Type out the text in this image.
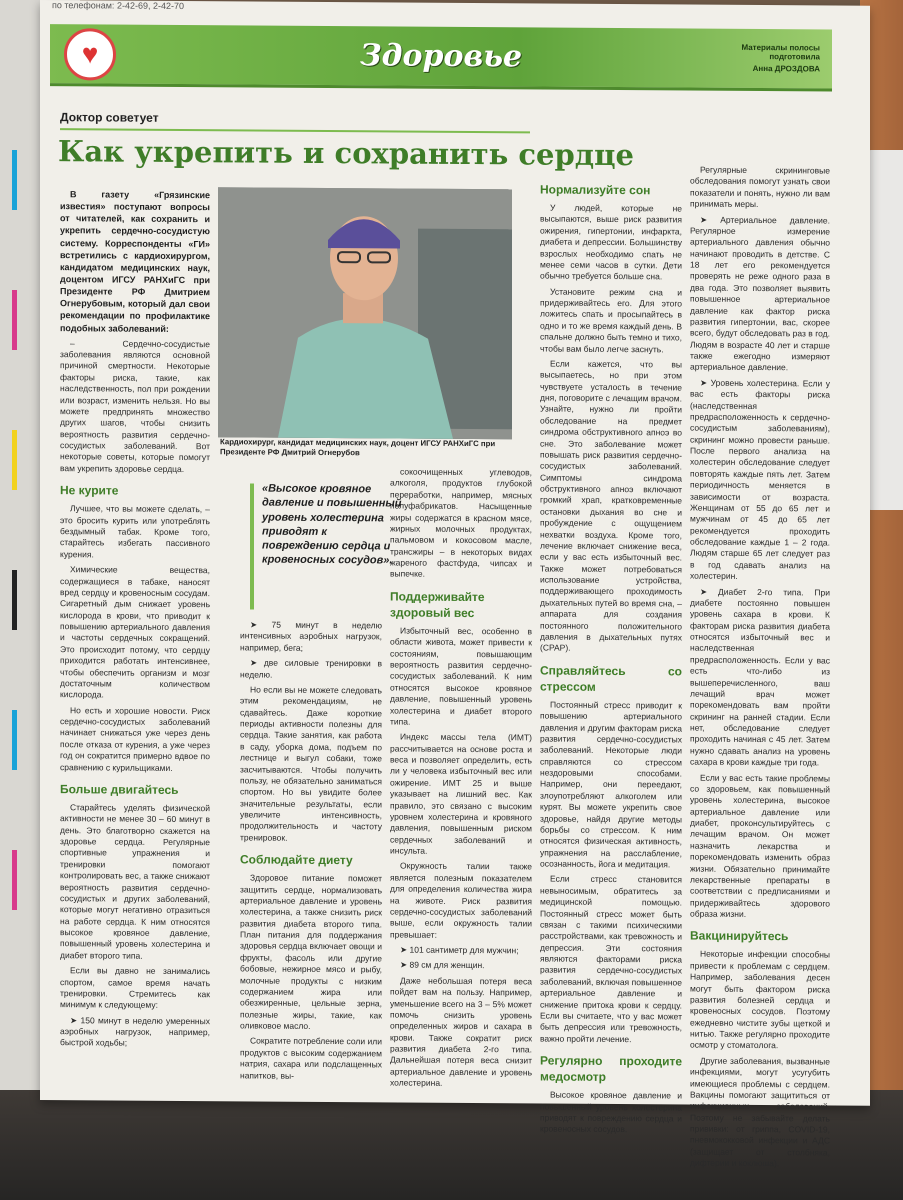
по телефонам: 2-42-69, 2-42-70
♥	Здоровье	Материалы полосы подготовила
Анна ДРОЗДОВА
Доктор советует
Как укрепить и сохранить сердце

В газету «Грязинские известия» поступают вопросы от читателей, как сохранить и укрепить сердечно-сосудистую систему. Корреспонденты «ГИ» встретились с кардиохирургом, кандидатом медицинских наук, доцентом ИГСУ РАНХиГС при Президенте РФ Дмитрием Огнерубовым, который дал свои рекомендации по профилактике подобных заболеваний:

– Сердечно-сосудистые заболевания являются основной причиной смертности. Некоторые факторы риска, такие, как наследственность, пол при рождении или возраст, изменить нельзя. Но вы можете предпринять множество других шагов, чтобы снизить вероятность развития сердечно-сосудистых заболеваний. Вот некоторые советы, которые помогут вам укрепить здоровье сердца.

Не курите

Лучшее, что вы можете сделать, – это бросить курить или употреблять бездымный табак. Кроме того, старайтесь избегать пассивного курения.

Химические вещества, содержащиеся в табаке, наносят вред сердцу и кровеносным сосудам. Сигаретный дым снижает уровень кислорода в крови, что приводит к повышению артериального давления и частоты сердечных сокращений. Это происходит потому, что сердцу приходится работать интенсивнее, чтобы обеспечить организм и мозг достаточным количеством кислорода.

Но есть и хорошие новости. Риск сердечно-сосудистых заболеваний начинает снижаться уже через день после отказа от курения, а уже через год он сократится примерно вдвое по сравнению с курильщиками.

Больше двигайтесь

Старайтесь уделять физической активности не менее 30 – 60 минут в день. Это благотворно скажется на здоровье сердца. Регулярные спортивные упражнения и тренировки помогают контролировать вес, а также снижают вероятность развития сердечно-сосудистых и других заболеваний, которые могут негативно отразиться на работе сердца. К ним относятся высокое кровяное давление, повышенный уровень холестерина и диабет второго типа.

Если вы давно не занимались спортом, самое время начать тренировки. Стремитесь как минимум к следующему:

➤ 150 минут в неделю умеренных аэробных нагрузок, например, быстрой ходьбы;

Кардиохирург, кандидат медицинских наук, доцент ИГСУ РАНХиГС при Президенте РФ Дмитрий Огнерубов
«Высокое кровяное давление и повышенный уровень холестерина приводят к повреждению сердца и кровеносных сосудов».

➤ 75 минут в неделю интенсивных аэробных нагрузок, например, бега;

➤ две силовые тренировки в неделю.

Но если вы не можете следовать этим рекомендациям, не сдавайтесь. Даже короткие периоды активности полезны для сердца. Такие занятия, как работа в саду, уборка дома, подъем по лестнице и выгул собаки, тоже засчитываются. Чтобы получить пользу, не обязательно заниматься спортом. Но вы увидите более значительные результаты, если увеличите интенсивность, продолжительность и частоту тренировок.

Соблюдайте диету

Здоровое питание поможет защитить сердце, нормализовать артериальное давление и уровень холестерина, а также снизить риск развития диабета второго типа. План питания для поддержания здоровья сердца включает овощи и фрукты, фасоль или другие бобовые, нежирное мясо и рыбу, молочные продукты с низким содержанием жира или обезжиренные, цельные зерна, полезные жиры, такие, как оливковое масло.

Сократите потребление соли или продуктов с высоким содержанием натрия, сахара или подслащенных напитков, вы-

сокоочищенных углеводов, алкоголя, продуктов глубокой переработки, например, мясных полуфабрикатов. Насыщенные жиры содержатся в красном мясе, жирных молочных продуктах, пальмовом и кокосовом масле, трансжиры – в некоторых видах жареного фастфуда, чипсах и выпечке.

Поддерживайте здоровый вес

Избыточный вес, особенно в области живота, может привести к состояниям, повышающим вероятность развития сердечно-сосудистых заболеваний. К ним относятся высокое кровяное давление, повышенный уровень холестерина и диабет второго типа.

Индекс массы тела (ИМТ) рассчитывается на основе роста и веса и позволяет определить, есть ли у человека избыточный вес или ожирение. ИМТ 25 и выше указывает на лишний вес. Как правило, это связано с высоким уровнем холестерина и кровяного давления, повышенным риском сердечных заболеваний и инсульта.

Окружность талии также является полезным показателем для определения количества жира на животе. Риск развития сердечно-сосудистых заболеваний выше, если окружность талии превышает:

➤ 101 сантиметр для мужчин;

➤ 89 см для женщин.

Даже небольшая потеря веса пойдет вам на пользу. Например, уменьшение всего на 3 – 5% может помочь снизить уровень определенных жиров и сахара в крови. Также сократит риск развития диабета 2-го типа. Дальнейшая потеря веса снизит артериальное давление и уровень холестерина.

Нормализуйте сон

У людей, которые не высыпаются, выше риск развития ожирения, гипертонии, инфаркта, диабета и депрессии. Большинству взрослых необходимо спать не менее семи часов в сутки. Дети обычно требуется больше сна.

Установите режим сна и придерживайтесь его. Для этого ложитесь спать и просыпайтесь в одно и то же время каждый день. В спальне должно быть темно и тихо, чтобы вам было легче заснуть.

Если кажется, что вы высыпаетесь, но при этом чувствуете усталость в течение дня, поговорите с лечащим врачом. Узнайте, нужно ли пройти обследование на предмет синдрома обструктивного апноэ во сне. Это заболевание может повышать риск развития сердечно-сосудистых заболеваний. Симптомы синдрома обструктивного апноэ включают громкий храп, кратковременные остановки дыхания во сне и пробуждение с ощущением нехватки воздуха. Кроме того, лечение включает снижение веса, если у вас есть избыточный вес. Также может потребоваться использование устройства, поддерживающего проходимость дыхательных путей во время сна, – аппарата для создания постоянного положительного давления в дыхательных путях (CPAP).

Справляйтесь со стрессом

Постоянный стресс приводит к повышению артериального давления и другим факторам риска развития сердечно-сосудистых заболеваний. Некоторые люди справляются со стрессом нездоровыми способами. Например, они переедают, злоупотребляют алкоголем или курят. Вы можете укрепить свое здоровье, найдя другие методы борьбы со стрессом. К ним относятся физическая активность, упражнения на расслабление, осознанность, йога и медитация.

Если стресс становится невыносимым, обратитесь за медицинской помощью. Постоянный стресс может быть связан с такими психическими расстройствами, как тревожность и депрессия. Эти состояния являются факторами риска развития сердечно-сосудистых заболеваний, включая повышенное артериальное давление и снижение притока крови к сердцу. Если вы считаете, что у вас может быть депрессия или тревожность, важно пройти лечение.

Регулярно проходите медосмотр

Высокое кровяное давление и повышенный уровень холестерина приводят к повреждению сердца и кровеносных сосудов.

Регулярные скрининговые обследования помогут узнать свои показатели и понять, нужно ли вам принимать меры.

➤ Артериальное давление. Регулярное измерение артериального давления обычно начинают проводить в детстве. С 18 лет его рекомендуется проверять не реже одного раза в два года. Это позволяет выявить повышенное артериальное давление как фактор риска развития гипертонии, вас, скорее всего, будут обследовать раз в год. Людям в возрасте 40 лет и старше также ежегодно измеряют артериальное давление.

➤ Уровень холестерина. Если у вас есть факторы риска (наследственная предрасположенность к сердечно-сосудистым заболеваниям), скрининг можно провести раньше. После первого анализа на холестерин обследование следует повторять каждые пять лет. Затем периодичность меняется в зависимости от возраста. Женщинам от 55 до 65 лет и мужчинам от 45 до 65 лет рекомендуется проходить обследование каждые 1 – 2 года. Людям старше 65 лет следует раз в год сдавать анализ на холестерин.

➤ Диабет 2-го типа. При диабете постоянно повышен уровень сахара в крови. К факторам риска развития диабета относятся избыточный вес и наследственная предрасположенность. Если у вас есть что-либо из вышеперечисленного, ваш лечащий врач может порекомендовать вам пройти скрининг на ранней стадии. Если нет, обследование следует проходить начиная с 45 лет. Затем нужно сдавать анализ на уровень сахара в крови каждые три года.

Если у вас есть такие проблемы со здоровьем, как повышенный уровень холестерина, высокое артериальное давление или диабет, проконсультируйтесь с лечащим врачом. Он может назначить лекарства и порекомендовать изменить образ жизни. Обязательно принимайте лекарственные препараты в соответствии с предписаниями и придерживайтесь здорового образа жизни.

Вакцинируйтесь

Некоторые инфекции способны привести к проблемам с сердцем. Например, заболевания десен могут быть фактором риска развития болезней сердца и кровеносных сосудов. Поэтому ежедневно чистите зубы щеткой и нитью. Также регулярно проходите осмотр у стоматолога.

Другие заболевания, вызванные инфекциями, могут усугубить имеющиеся проблемы с сердцем. Вакцины помогают защититься от инфекционных заболеваний. Поэтому не забывайте делать прививки: от гриппа, COVID-19, пневмококковой инфекции и АДС (защищает от столбняка, дифтерии и коклюша).
